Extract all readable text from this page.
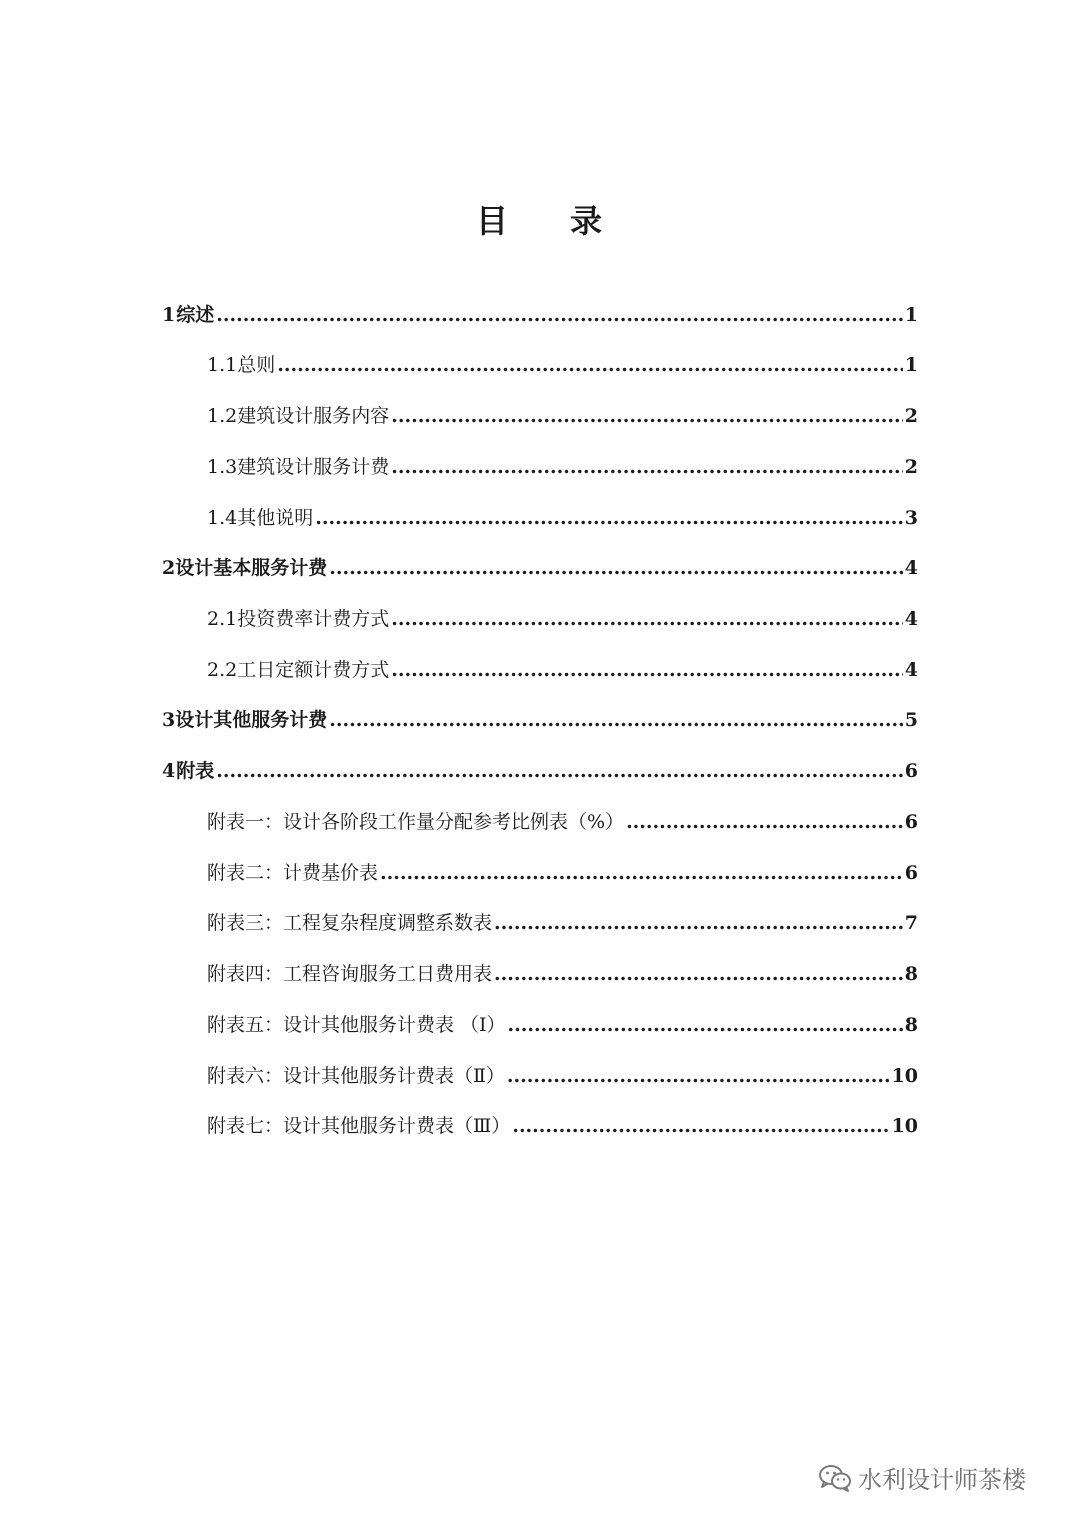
目 录
1 综述 .....	1
1.1 总则 .....	1
1.2 建筑设计服务内容 .....	2
1.3 建筑设计服务计费 .....	2
1.4 其他说明 .....	3
2 设计基本服务计费 .....	4
2.1 投资费率计费方式 .....	4
2.2 工日定额计费方式 .....	4
3 设计其他服务计费 .....	5
4 附表 .....	6
附表一：设计各阶段工作量分配参考比例表（%） .....	6
附表二：计费基价表 .....	6
附表三：工程复杂程度调整系数表 .....	7
附表四：工程咨询服务工日费用表 .....	8
附表五：设计其他服务计费表 （Ⅰ） .....	8
附表六：设计其他服务计费表（Ⅱ） .....	10
附表七：设计其他服务计费表（Ⅲ） .....	10
水利设计师茶楼
